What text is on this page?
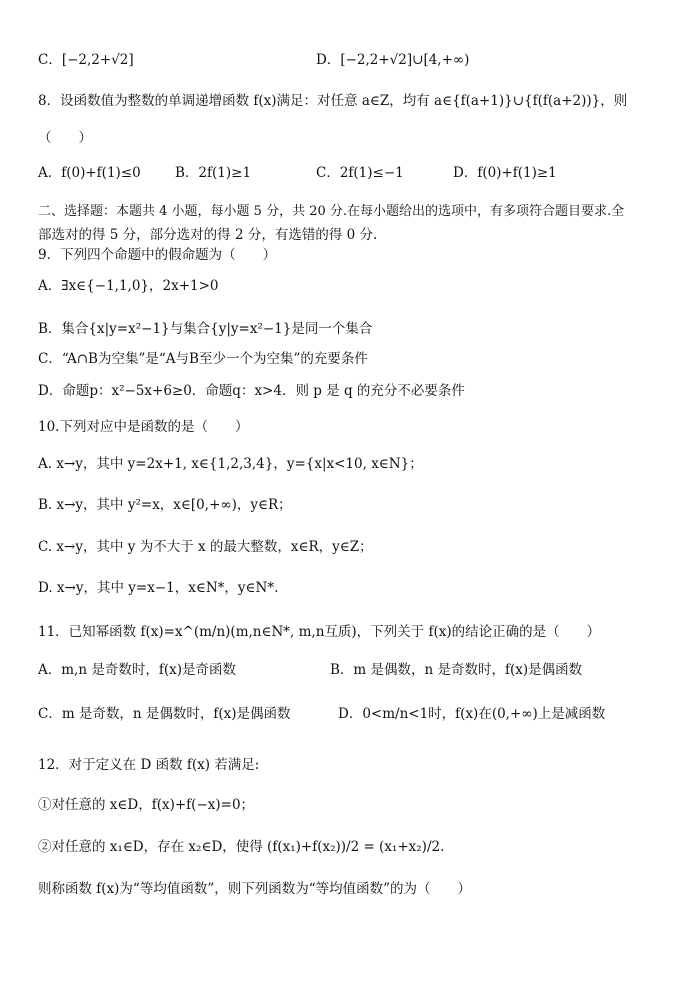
C．[−2,2+√2]	D．[−2,2+√2]∪[4,+∞)
8．设函数值为整数的单调递增函数 f(x)满足：对任意 a∈Z，均有 a∈{f(a+1)}∪{f(f(a+2))}，则
（　　）
A．f(0)+f(1)≤0	B．2f(1)≥1	C．2f(1)≤−1	D．f(0)+f(1)≥1
二、选择题：本题共 4 小题，每小题 5 分，共 20 分.在每小题给出的选项中，有多项符合题目要求.全
部选对的得 5 分，部分选对的得 2 分，有选错的得 0 分.
9．下列四个命题中的假命题为（　　）
A．∃x∈{−1,1,0}，2x+1>0
B．集合{x|y=x²−1}与集合{y|y=x²−1}是同一个集合
C．“A∩B为空集”是“A与B至少一个为空集”的充要条件
D．命题p：x²−5x+6≥0．命题q：x>4．则 p 是 q 的充分不必要条件
10.下列对应中是函数的是（　　）
A. x→y，其中 y=2x+1, x∈{1,2,3,4}，y={x|x<10, x∈N}；
B. x→y，其中 y²=x，x∈[0,+∞)，y∈R；
C. x→y，其中 y 为不大于 x 的最大整数，x∈R，y∈Z；
D. x→y，其中 y=x−1，x∈N*，y∈N*.
11．已知幂函数 f(x)=x^(m/n)(m,n∈N*, m,n互质)，下列关于 f(x)的结论正确的是（　　）
A．m,n 是奇数时，f(x)是奇函数	B．m 是偶数，n 是奇数时，f(x)是偶函数
C．m 是奇数，n 是偶数时，f(x)是偶函数	D．0<m/n<1时，f(x)在(0,+∞)上是减函数
12．对于定义在 D 函数 f(x) 若满足:
①对任意的 x∈D，f(x)+f(−x)=0；
②对任意的 x₁∈D，存在 x₂∈D，使得 (f(x₁)+f(x₂))/2 = (x₁+x₂)/2.
则称函数 f(x)为“等均值函数”，则下列函数为“等均值函数”的为（　　）
